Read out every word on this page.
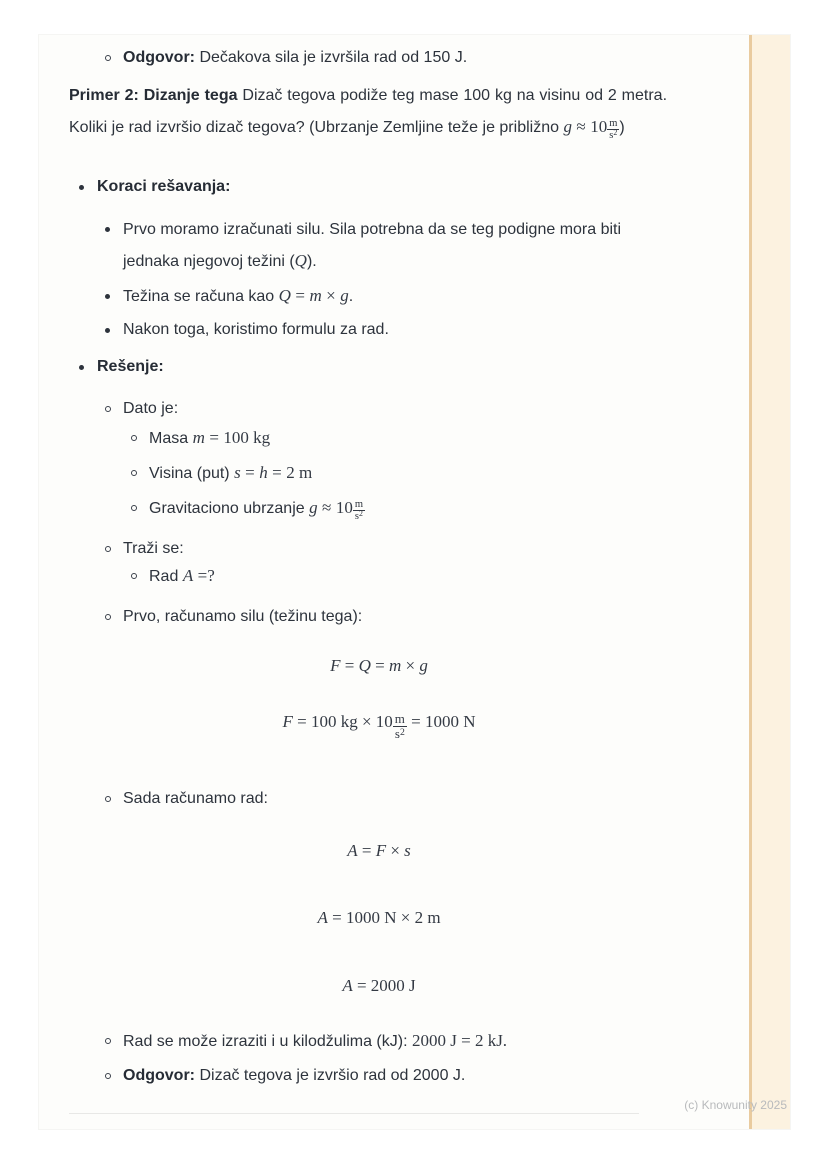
Odgovor: Dečakova sila je izvršila rad od 150 J.
Primer 2: Dizanje tega Dizač tegova podiže teg mase 100 kg na visinu od 2 metra. Koliki je rad izvršio dizač tegova? (Ubrzanje Zemljine teže je približno $g \approx 10 \frac{m}{s^2}$ )
Koraci rešavanja:
Prvo moramo izračunati silu. Sila potrebna da se teg podigne mora biti jednaka njegovoj težini (Q).
Težina se računa kao Q = m × g.
Nakon toga, koristimo formulu za rad.
Rešenje:
Dato je:
Masa m = 100 kg
Visina (put) s = h = 2 m
Gravitaciono ubrzanje $g \approx 10 \frac{m}{s^2}$
Traži se:
Rad A =?
Prvo, računamo silu (težinu tega):
F = Q = m × g
F = 100 kg × $10 \frac{m}{s^2} = 1000$ N
Sada računamo rad:
A = F × s
A = 1000 N × 2 m
A = 2000 J
Rad se može izraziti i u kilodžulima (kJ): 2000 J = 2 kJ.
Odgovor: Dizač tegova je izvršio rad od 2000 J.
(c) Knowunity 2025
